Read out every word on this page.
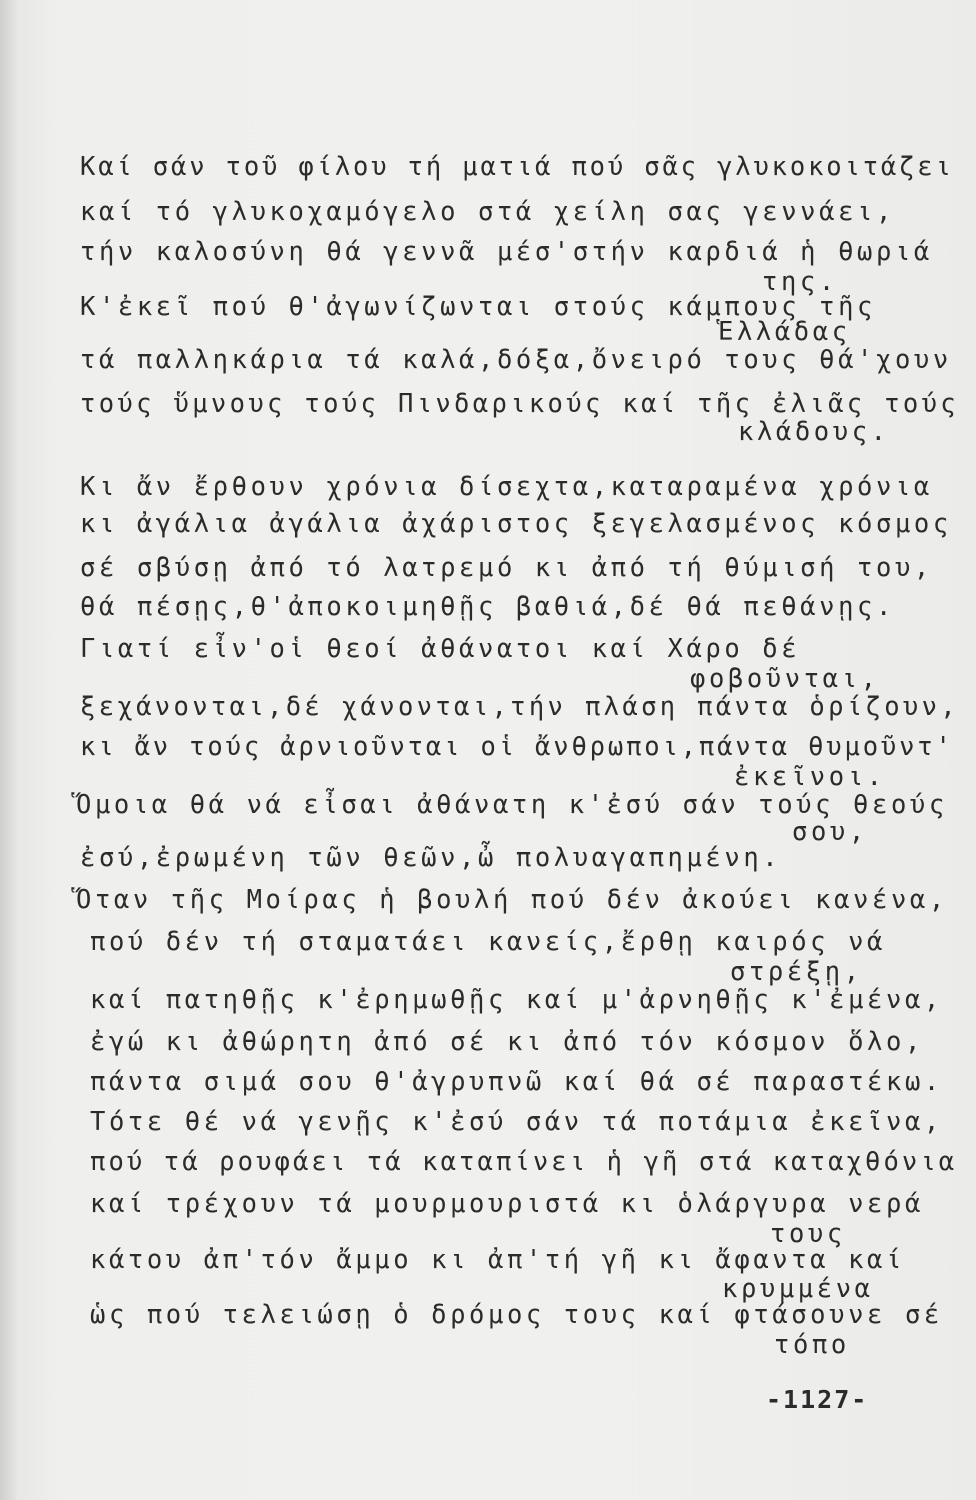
Καί σάν τοῦ φίλου τή ματιά πού σᾶς γλυκοκοιτάζει
καί τό γλυκοχαμόγελο στά χείλη σας γεννάει,
τήν καλοσύνη θά γεννᾶ μέσ'στήν καρδιά ἡ θωριά
της.
Κ'ἐκεῖ πού θ'ἀγωνίζωνται στούς κάμπους τῆς
Ἑλλάδας
τά παλληκάρια τά καλά,δόξα,ὄνειρό τους θά'χουν
τούς ὕμνους τούς Πινδαρικούς καί τῆς ἐλιᾶς τούς
κλάδους.
Κι ἄν ἔρθουν χρόνια δίσεχτα,καταραμένα χρόνια
κι ἀγάλια ἀγάλια ἀχάριστος ξεγελασμένος κόσμος
σέ σβύσῃ ἀπό τό λατρεμό κι ἀπό τή θύμισή του,
θά πέσῃς,θ'ἀποκοιμηθῇς βαθιά,δέ θά πεθάνῃς.
Γιατί εἶν'οἱ θεοί ἀθάνατοι καί Χάρο δέ
φοβοῦνται,
ξεχάνονται,δέ χάνονται,τήν πλάση πάντα ὁρίζουν,
κι ἄν τούς ἀρνιοῦνται οἱ ἄνθρωποι,πάντα θυμοῦντ'
ἐκεῖνοι.
Ὅμοια θά νά εἶσαι ἀθάνατη κ'ἐσύ σάν τούς θεούς
σου,
ἐσύ,ἐρωμένη τῶν θεῶν,ὦ πολυαγαπημένη.
Ὅταν τῆς Μοίρας ἡ βουλή πού δέν ἀκούει κανένα,
πού δέν τή σταματάει κανείς,ἔρθῃ καιρός νά
στρέξῃ,
καί πατηθῇς κ'ἐρημωθῇς καί μ'ἀρνηθῇς κ'ἐμένα,
ἐγώ κι ἀθώρητη ἀπό σέ κι ἀπό τόν κόσμον ὅλο,
πάντα σιμά σου θ'ἀγρυπνῶ καί θά σέ παραστέκω.
Τότε θέ νά γενῇς κ'ἐσύ σάν τά ποτάμια ἐκεῖνα,
πού τά ρουφάει τά καταπίνει ἡ γῆ στά καταχθόνια
καί τρέχουν τά μουρμουριστά κι ὁλάργυρα νερά
τους
κάτου ἀπ'τόν ἄμμο κι ἀπ'τή γῆ κι ἄφαντα καί
κρυμμένα
ὡς πού τελειώσῃ ὁ δρόμος τους καί φτάσουνε σέ
τόπο
-1127-
